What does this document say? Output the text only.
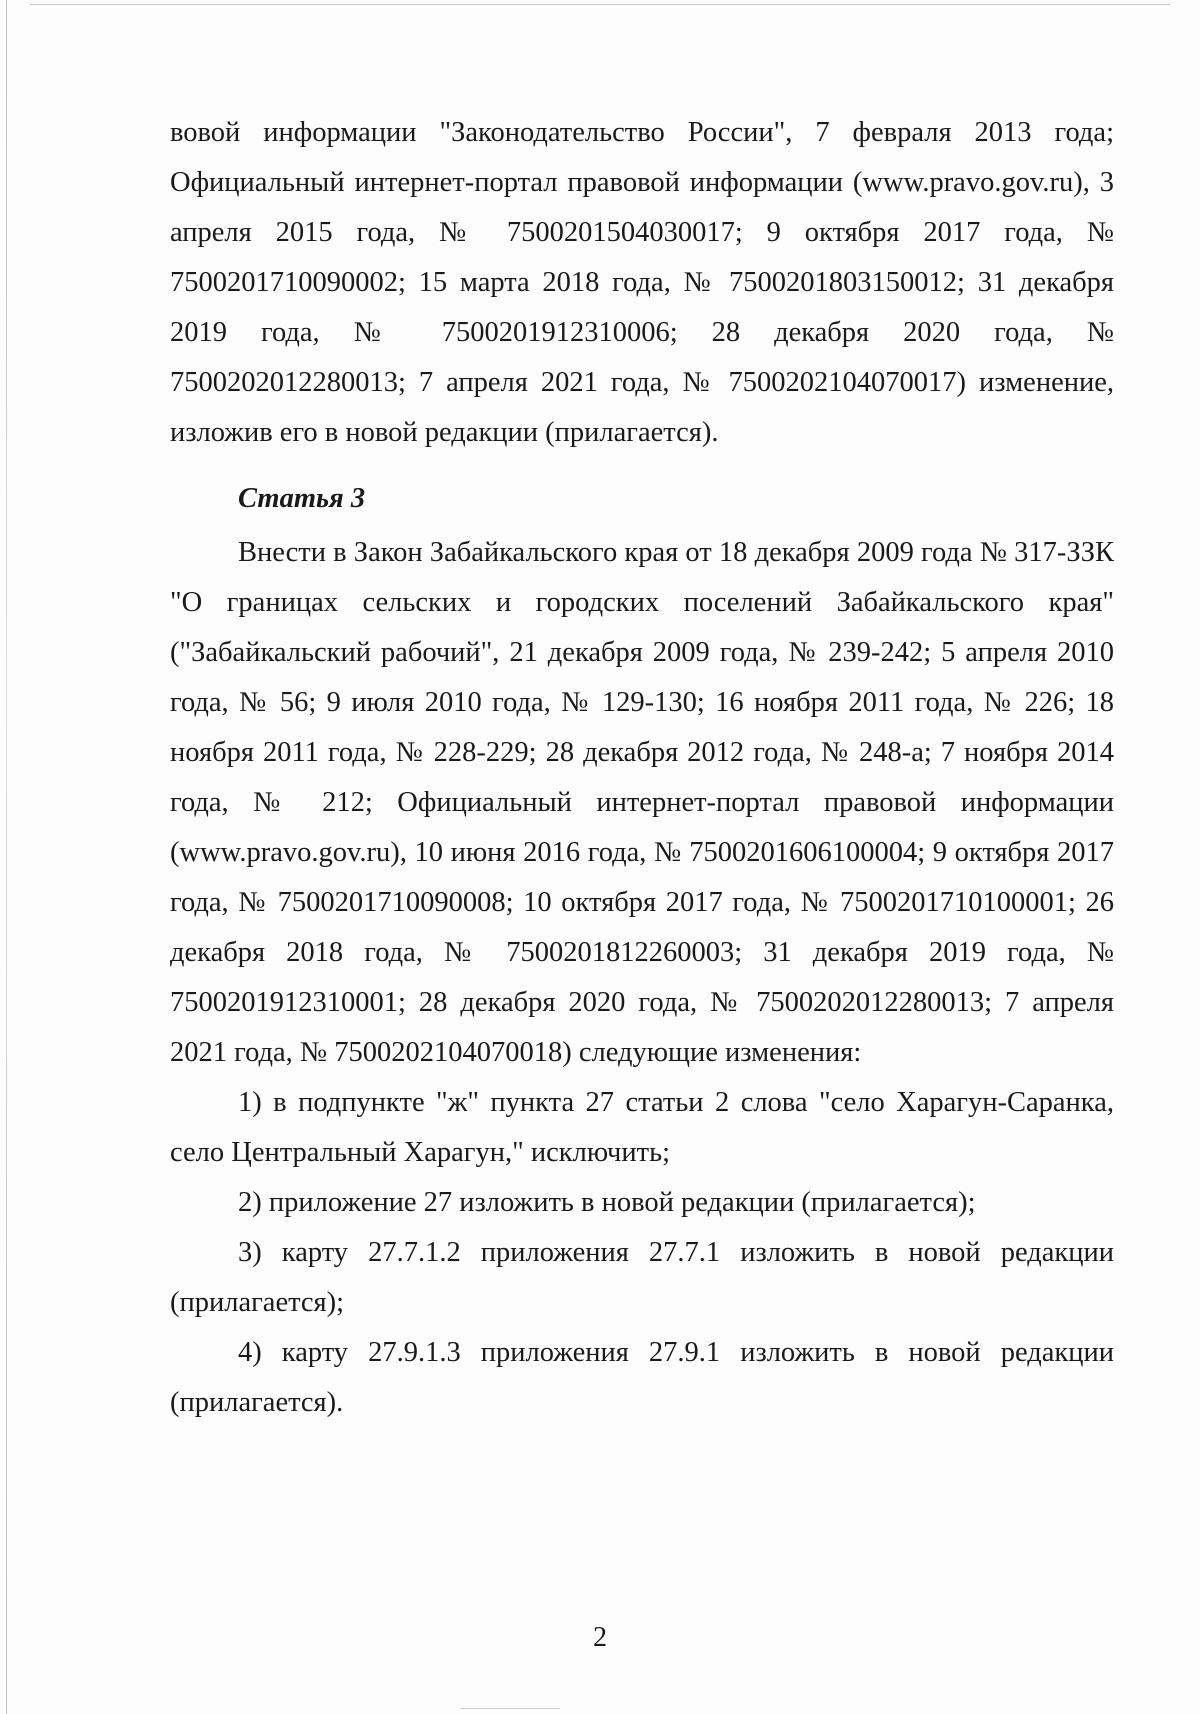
вовой информации "Законодательство России", 7 февраля 2013 года; Официальный интернет-портал правовой информации (www.pravo.gov.ru), 3 апреля 2015 года, № 7500201504030017; 9 октября 2017 года, № 7500201710090002; 15 марта 2018 года, № 7500201803150012; 31 декабря 2019 года, № 7500201912310006; 28 декабря 2020 года, № 7500202012280013; 7 апреля 2021 года, № 7500202104070017) изменение, изложив его в новой редакции (прилагается).

Статья 3

Внести в Закон Забайкальского края от 18 декабря 2009 года № 317-ЗЗК "О границах сельских и городских поселений Забайкальского края" ("Забайкальский рабочий", 21 декабря 2009 года, № 239-242; 5 апреля 2010 года, № 56; 9 июля 2010 года, № 129-130; 16 ноября 2011 года, № 226; 18 ноября 2011 года, № 228-229; 28 декабря 2012 года, № 248-а; 7 ноября 2014 года, № 212; Официальный интернет-портал правовой информации (www.pravo.gov.ru), 10 июня 2016 года, № 7500201606100004; 9 октября 2017 года, № 7500201710090008; 10 октября 2017 года, № 7500201710100001; 26 декабря 2018 года, № 7500201812260003; 31 декабря 2019 года, № 7500201912310001; 28 декабря 2020 года, № 7500202012280013; 7 апреля 2021 года, № 7500202104070018) следующие изменения:

1) в подпункте "ж" пункта 27 статьи 2 слова "село Харагун-Саранка, село Центральный Харагун," исключить;

2) приложение 27 изложить в новой редакции (прилагается);

3) карту 27.7.1.2 приложения 27.7.1 изложить в новой редакции (прилагается);

4) карту 27.9.1.3 приложения 27.9.1 изложить в новой редакции (прилагается).

2
